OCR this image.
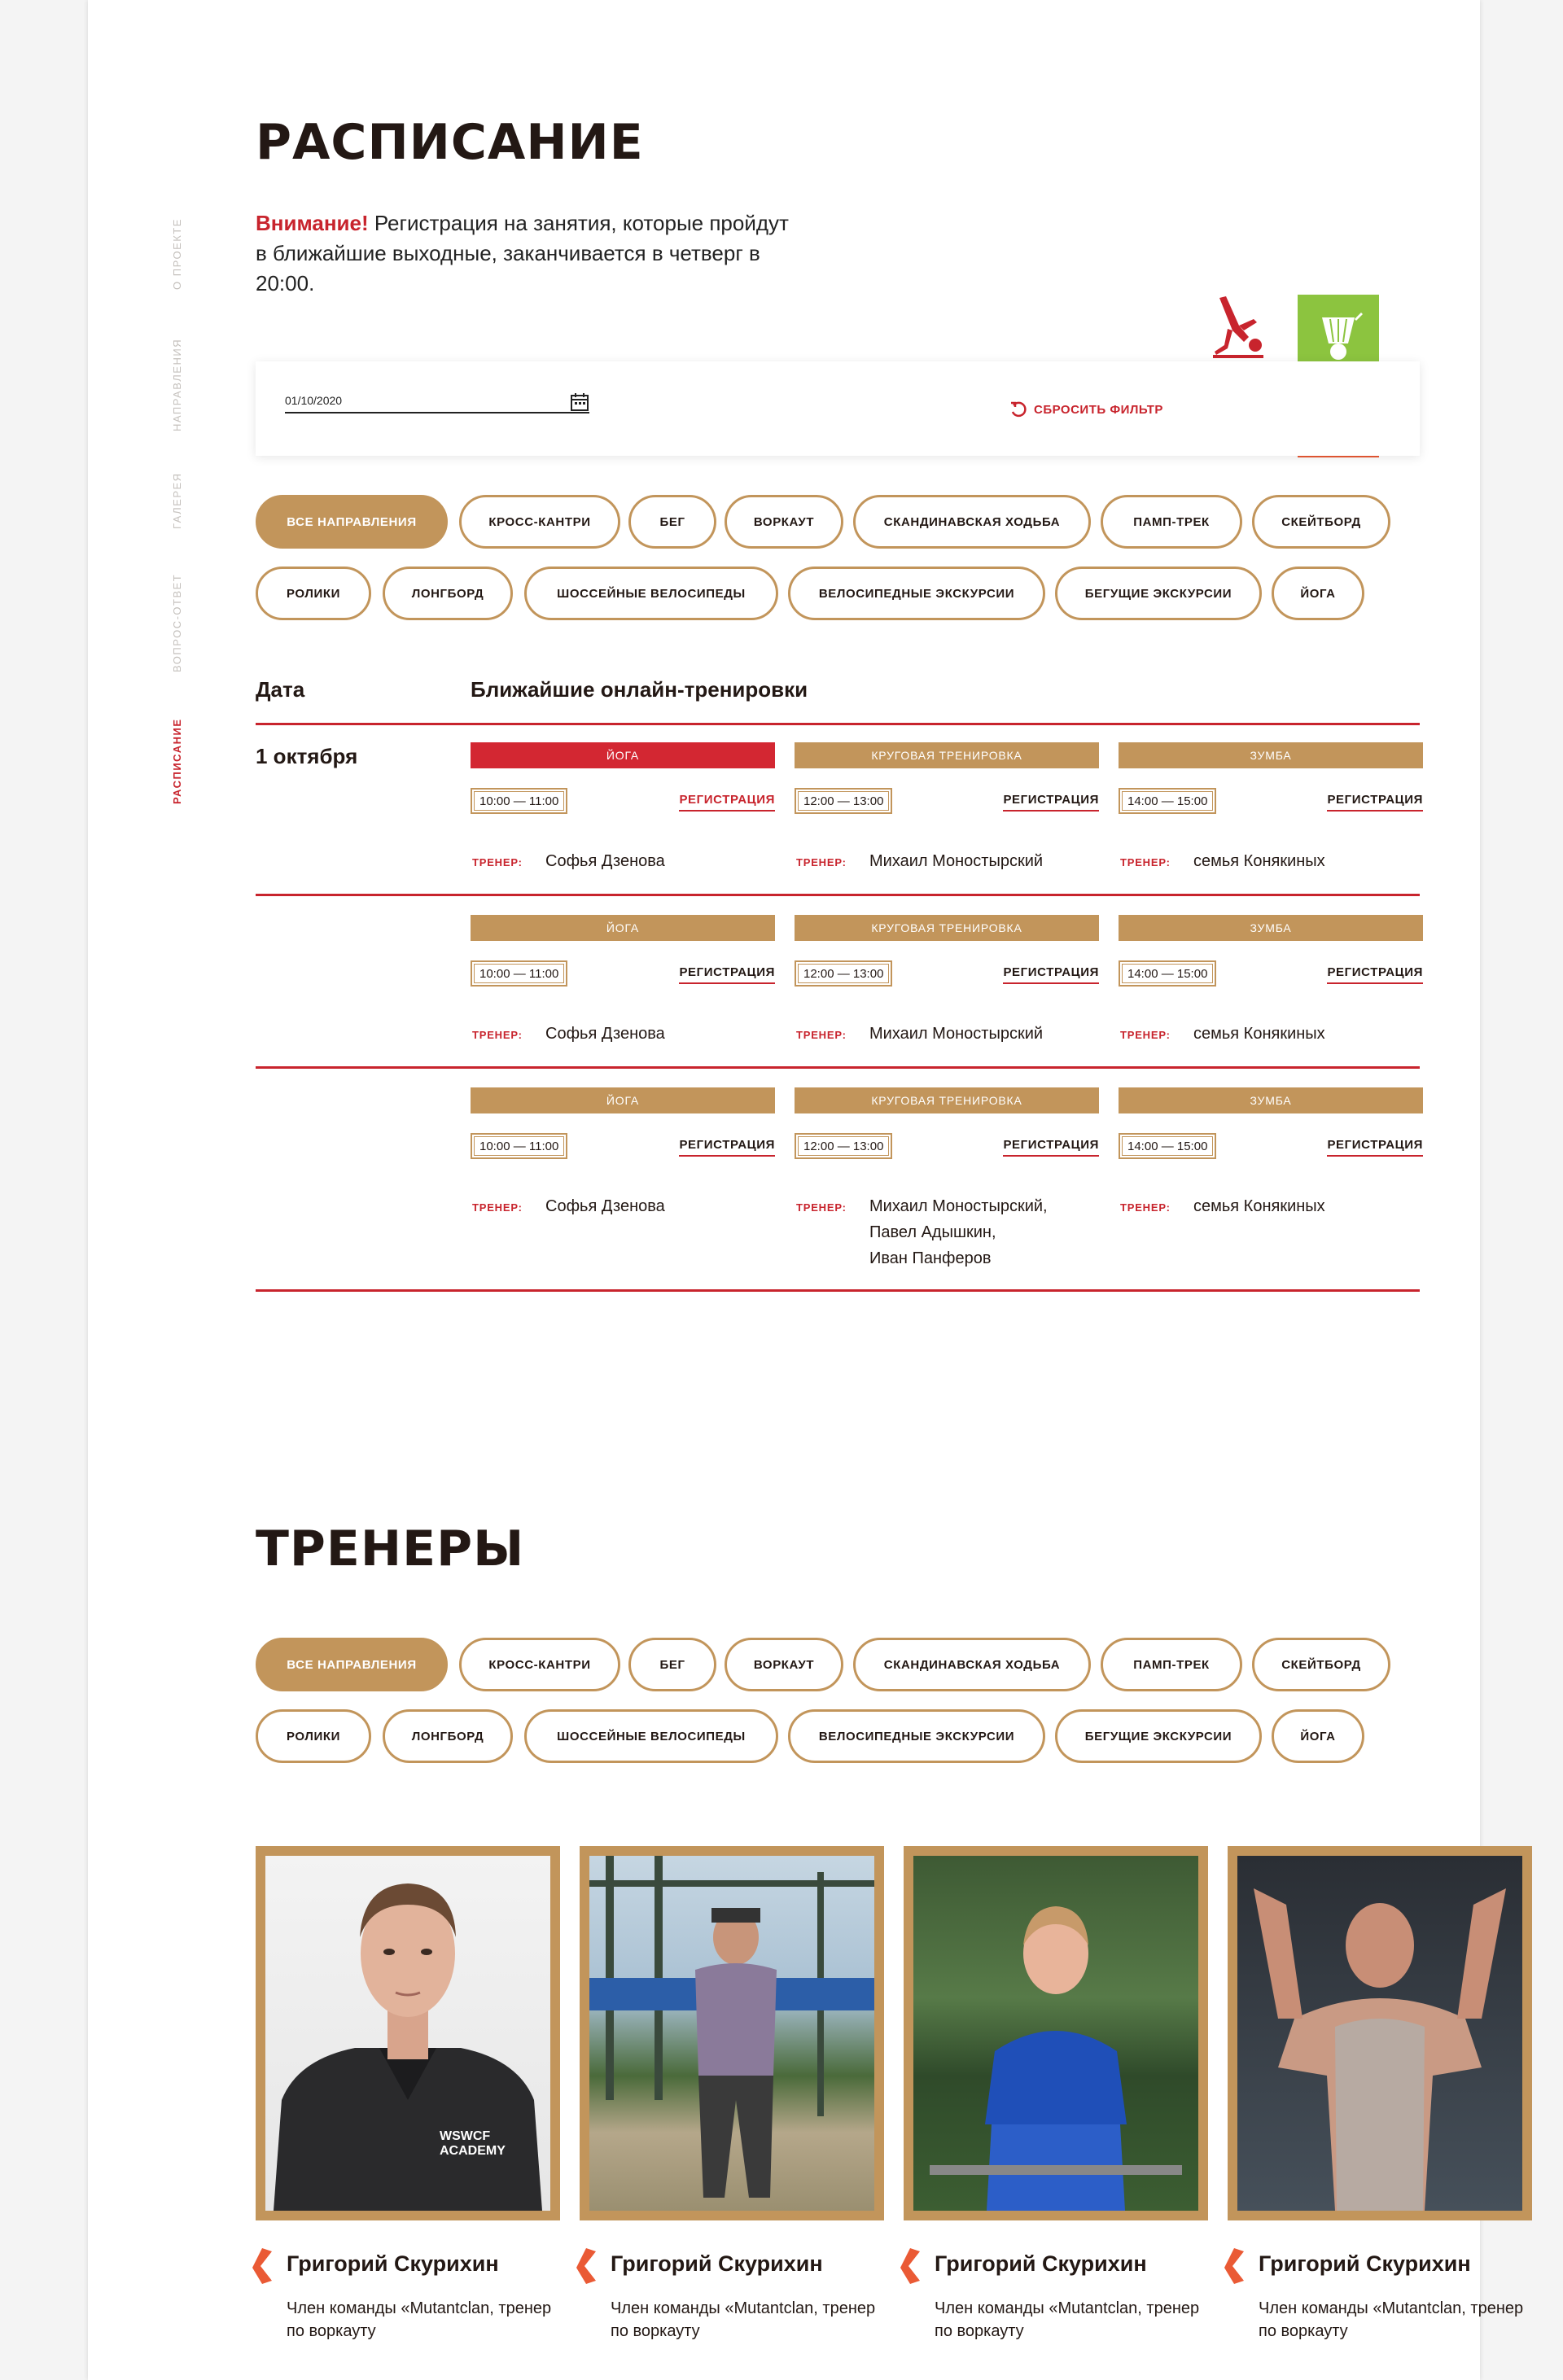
О ПРОЕКТЕ
НАПРАВЛЕНИЯ
ГАЛЕРЕЯ
ВОПРОС-ОТВЕТ
РАСПИСАНИЕ
РАСПИСАНИЕ

Внимание! Регистрация на занятия, которые пройдут в ближайшие выходные, заканчивается в четверг в 20:00.

01/10/2020
СБРОСИТЬ ФИЛЬТР
ВСЕ НАПРАВЛЕНИЯ	КРОСС-КАНТРИ	БЕГ	ВОРКАУТ	СКАНДИНАВСКАЯ ХОДЬБА	ПАМП-ТРЕК	СКЕЙТБОРД
РОЛИКИ	ЛОНГБОРД	ШОССЕЙНЫЕ ВЕЛОСИПЕДЫ	ВЕЛОСИПЕДНЫЕ ЭКСКУРСИИ	БЕГУЩИЕ ЭКСКУРСИИ	ЙОГА
Дата	Ближайшие онлайн-тренировки
1 октября	ЙОГА
10:00 — 11:00	РЕГИСТРАЦИЯ
ТРЕНЕР: Софья Дзенова
КРУГОВАЯ ТРЕНИРОВКА
12:00 — 13:00	РЕГИСТРАЦИЯ
ТРЕНЕР: Михаил Моностырский
ЗУМБА
14:00 — 15:00	РЕГИСТРАЦИЯ
ТРЕНЕР: семья Конякиных
ЙОГА
10:00 — 11:00	РЕГИСТРАЦИЯ
ТРЕНЕР: Софья Дзенова
КРУГОВАЯ ТРЕНИРОВКА
12:00 — 13:00	РЕГИСТРАЦИЯ
ТРЕНЕР: Михаил Моностырский
ЗУМБА
14:00 — 15:00	РЕГИСТРАЦИЯ
ТРЕНЕР: семья Конякиных
ЙОГА
10:00 — 11:00	РЕГИСТРАЦИЯ
ТРЕНЕР: Софья Дзенова
КРУГОВАЯ ТРЕНИРОВКА
12:00 — 13:00	РЕГИСТРАЦИЯ
ТРЕНЕР: Михаил Моностырский,
Павел Адышкин,
Иван Панферов
ЗУМБА
14:00 — 15:00	РЕГИСТРАЦИЯ
ТРЕНЕР: семья Конякиных
ТРЕНЕРЫ
ВСЕ НАПРАВЛЕНИЯ	КРОСС-КАНТРИ	БЕГ	ВОРКАУТ	СКАНДИНАВСКАЯ ХОДЬБА	ПАМП-ТРЕК	СКЕЙТБОРД
РОЛИКИ	ЛОНГБОРД	ШОССЕЙНЫЕ ВЕЛОСИПЕДЫ	ВЕЛОСИПЕДНЫЕ ЭКСКУРСИИ	БЕГУЩИЕ ЭКСКУРСИИ	ЙОГА
WSWCF ACADEMY
Григорий Скурихин
Член команды «Mutantclan, тренер по воркауту
Григорий Скурихин
Член команды «Mutantclan, тренер по воркауту
Григорий Скурихин
Член команды «Mutantclan, тренер по воркауту
Григорий Скурихин
Член команды «Mutantclan, тренер по воркауту
